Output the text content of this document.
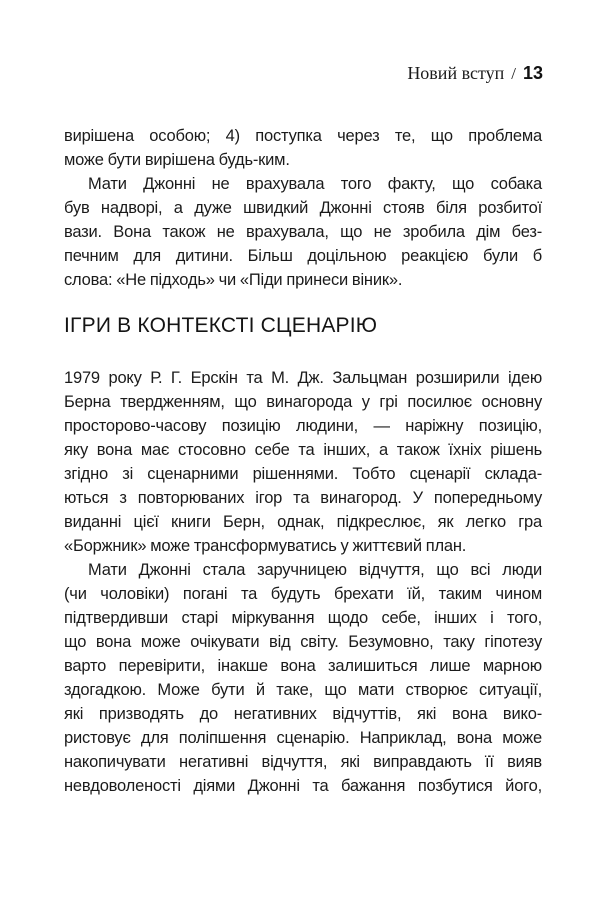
Новий вступ / 13
вирішена особою; 4) поступка через те, що проблема
може бути вирішена будь-ким.
Мати Джонні не врахувала того факту, що собака
був надворі, а дуже швидкий Джонні стояв біля розбитої
вази. Вона також не врахувала, що не зробила дім без-
печним для дитини. Більш доцільною реакцією були б
слова: «Не підходь» чи «Піди принеси віник».
ІГРИ В КОНТЕКСТІ СЦЕНАРІЮ
1979 року Р. Г. Ерскін та М. Дж. Зальцман розширили ідею
Берна твердженням, що винагорода у грі посилює основну
просторово-часову позицію людини, — наріжну позицію,
яку вона має стосовно себе та інших, а також їхніх рішень
згідно зі сценарними рішеннями. Тобто сценарії склада-
ються з повторюваних ігор та винагород. У попередньому
виданні цієї книги Берн, однак, підкреслює, як легко гра
«Боржник» може трансформуватись у життєвий план.
Мати Джонні стала заручницею відчуття, що всі люди
(чи чоловіки) погані та будуть брехати їй, таким чином
підтвердивши старі міркування щодо себе, інших і того,
що вона може очікувати від світу. Безумовно, таку гіпотезу
варто перевірити, інакше вона залишиться лише марною
здогадкою. Може бути й таке, що мати створює ситуації,
які призводять до негативних відчуттів, які вона вико-
ристовує для поліпшення сценарію. Наприклад, вона може
накопичувати негативні відчуття, які виправдають її вияв
невдоволеності діями Джонні та бажання позбутися його,
